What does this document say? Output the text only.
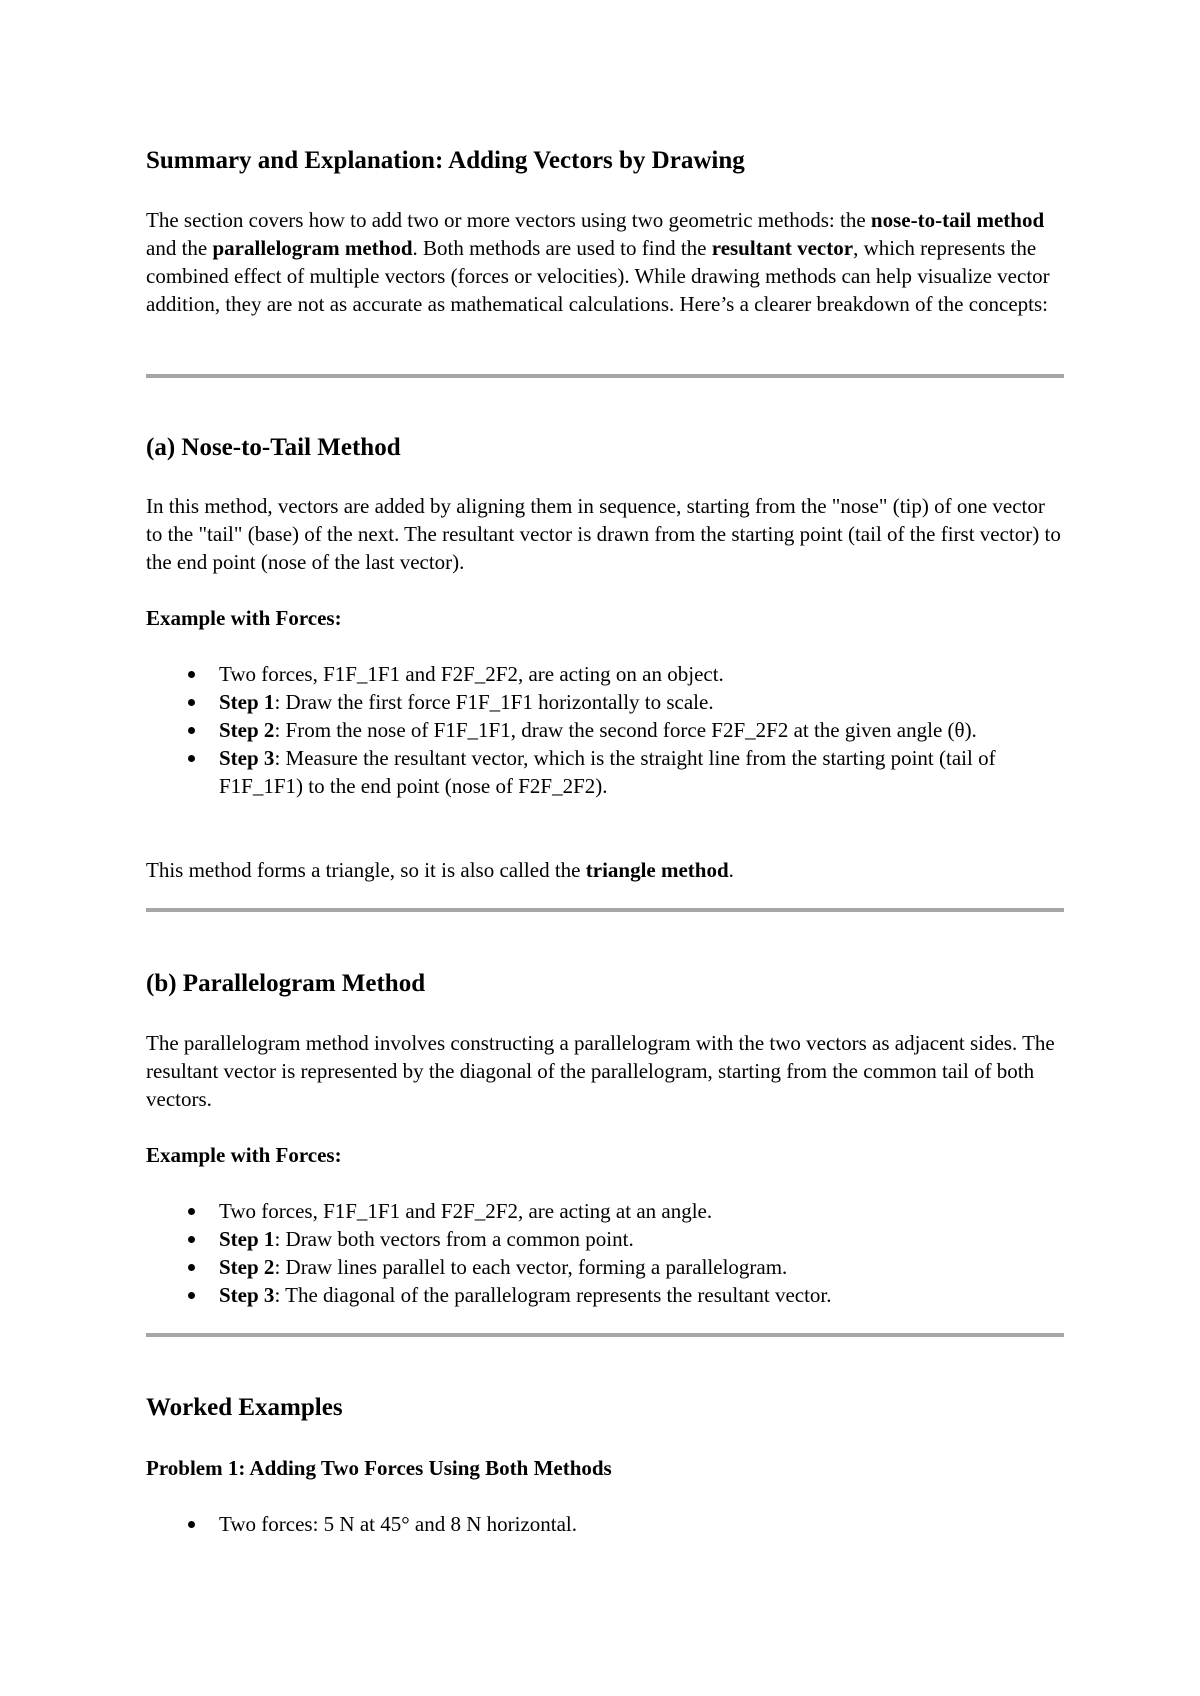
Summary and Explanation: Adding Vectors by Drawing

The section covers how to add two or more vectors using two geometric methods: the nose-to-tail method and the parallelogram method. Both methods are used to find the resultant vector, which represents the combined effect of multiple vectors (forces or velocities). While drawing methods can help visualize vector addition, they are not as accurate as mathematical calculations. Here’s a clearer breakdown of the concepts:

(a) Nose-to-Tail Method

In this method, vectors are added by aligning them in sequence, starting from the "nose" (tip) of one vector to the "tail" (base) of the next. The resultant vector is drawn from the starting point (tail of the first vector) to the end point (nose of the last vector).

Example with Forces:
Two forces, F1F_1F1 and F2F_2F2, are acting on an object.
Step 1: Draw the first force F1F_1F1 horizontally to scale.
Step 2: From the nose of F1F_1F1, draw the second force F2F_2F2 at the given angle (θ).
Step 3: Measure the resultant vector, which is the straight line from the starting point (tail of F1F_1F1) to the end point (nose of F2F_2F2).

This method forms a triangle, so it is also called the triangle method.

(b) Parallelogram Method

The parallelogram method involves constructing a parallelogram with the two vectors as adjacent sides. The resultant vector is represented by the diagonal of the parallelogram, starting from the common tail of both vectors.

Example with Forces:
Two forces, F1F_1F1 and F2F_2F2, are acting at an angle.
Step 1: Draw both vectors from a common point.
Step 2: Draw lines parallel to each vector, forming a parallelogram.
Step 3: The diagonal of the parallelogram represents the resultant vector.
Worked Examples
Problem 1: Adding Two Forces Using Both Methods
Two forces: 5 N at 45° and 8 N horizontal.
